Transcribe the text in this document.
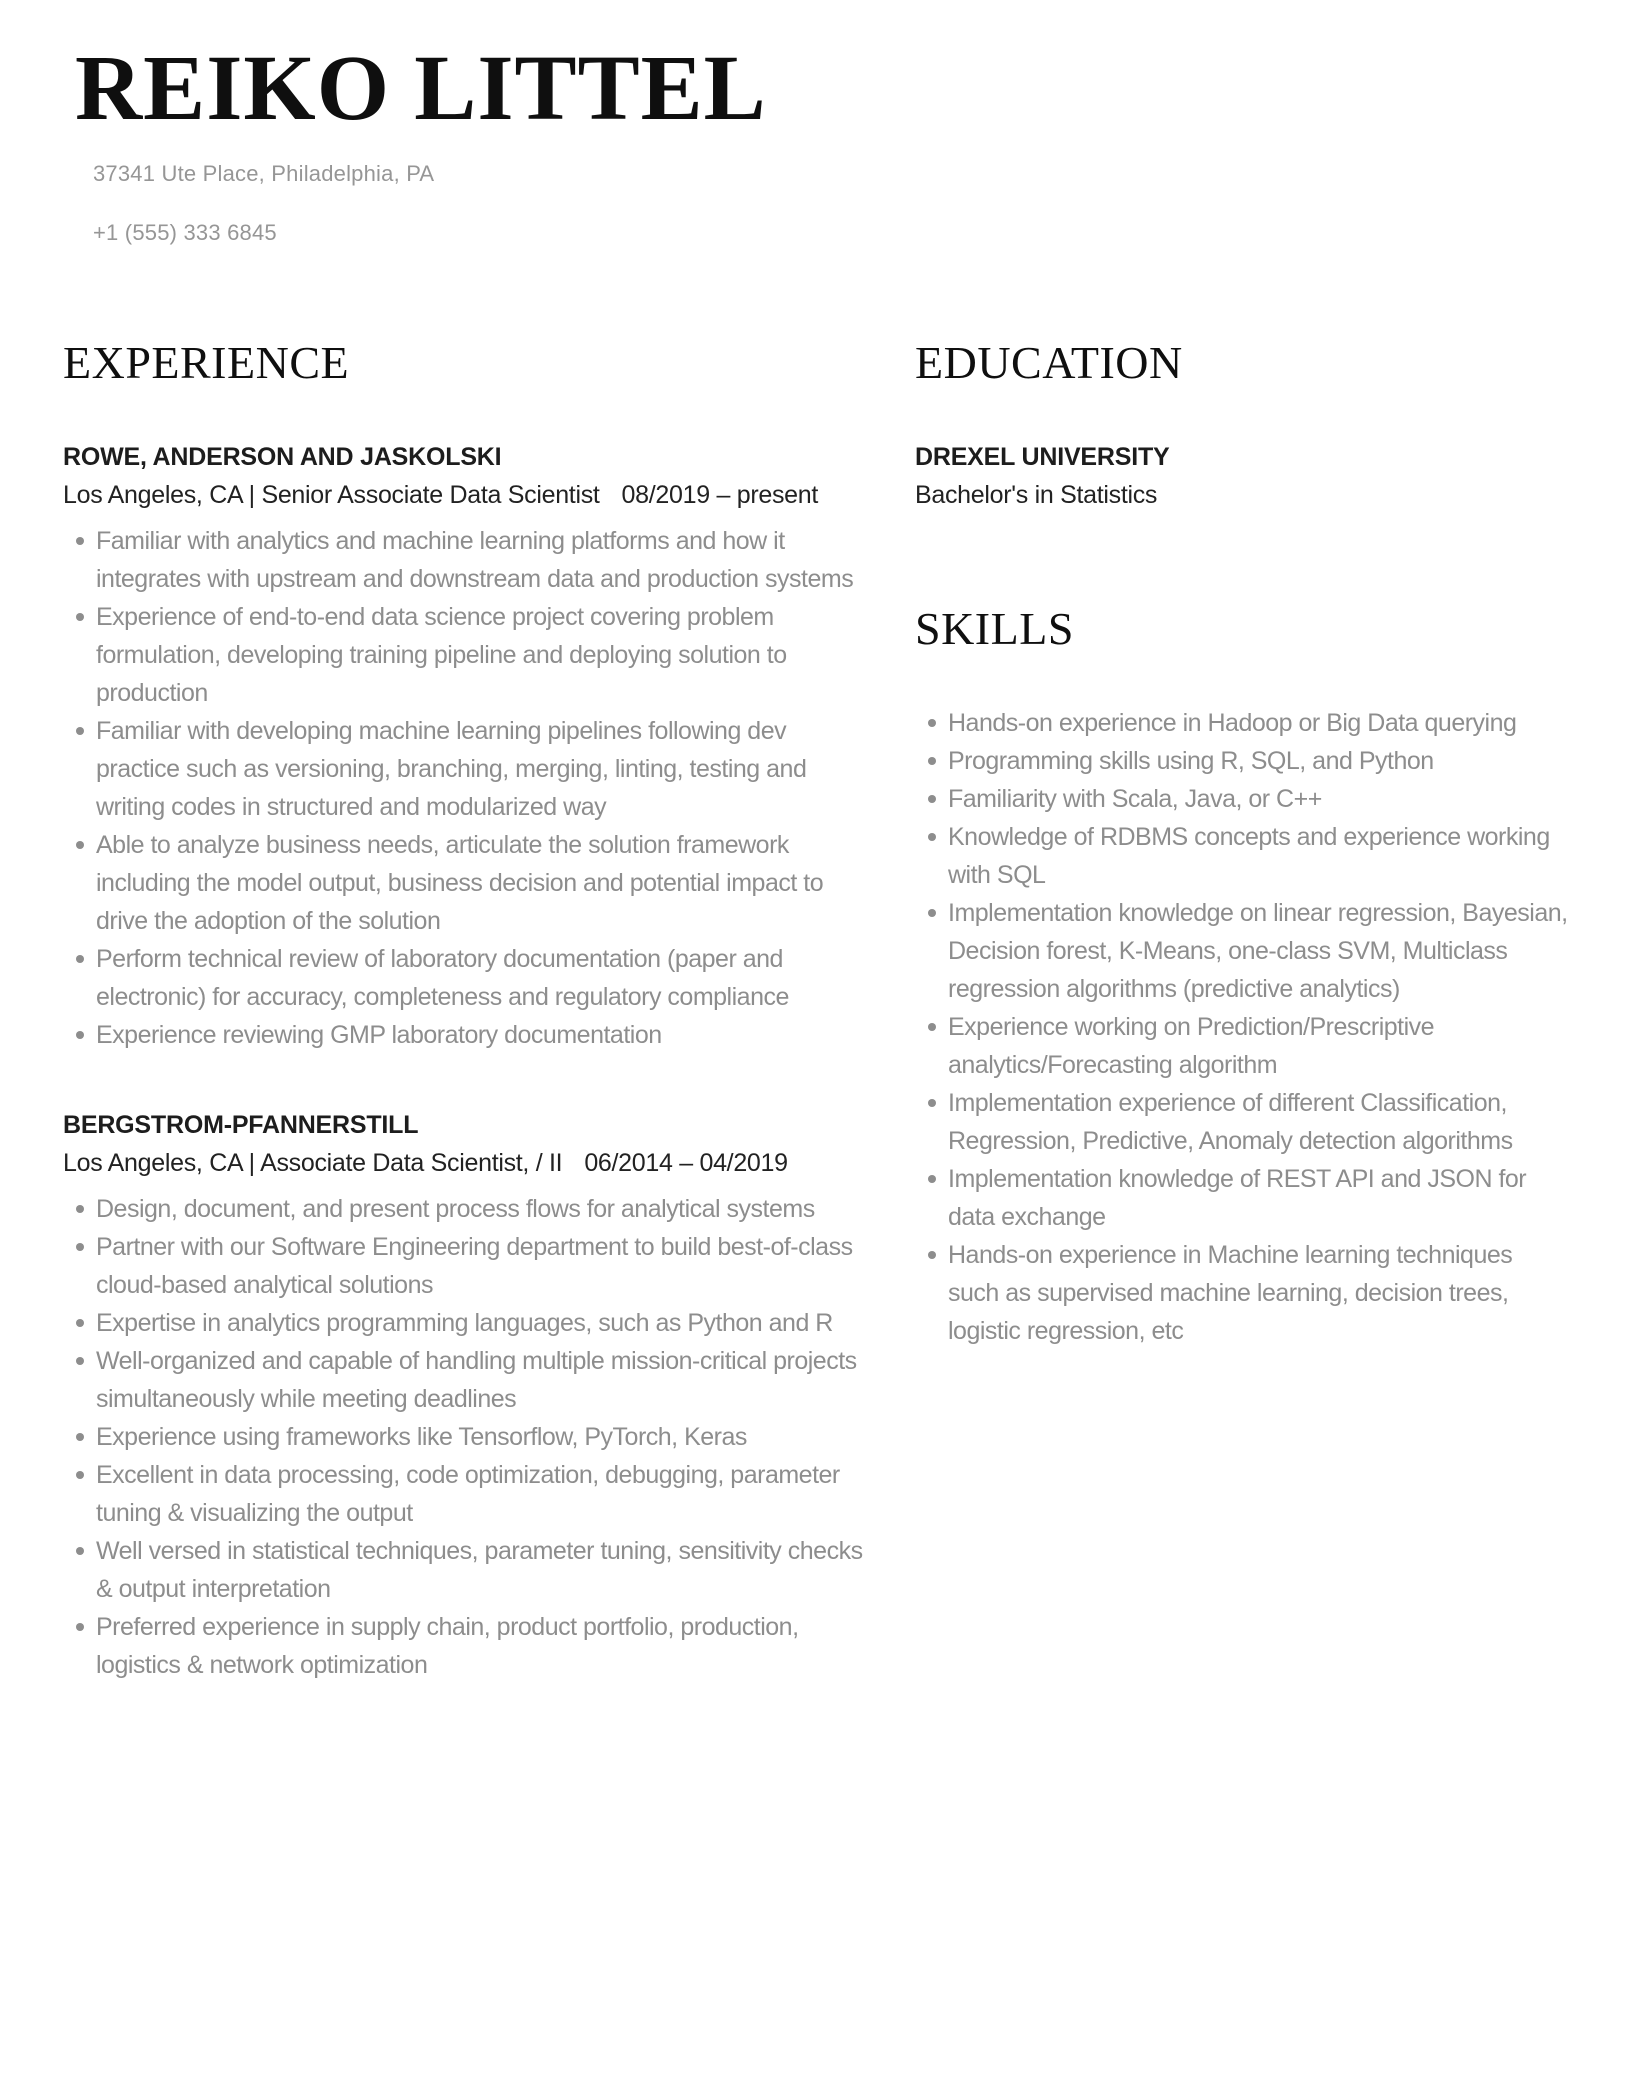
REIKO LITTEL
37341 Ute Place, Philadelphia, PA
+1 (555) 333 6845
EXPERIENCE
ROWE, ANDERSON AND JASKOLSKI
Los Angeles, CA | Senior Associate Data Scientist 08/2019 – present
Familiar with analytics and machine learning platforms and how it integrates with upstream and downstream data and production systems
Experience of end-to-end data science project covering problem formulation, developing training pipeline and deploying solution to production
Familiar with developing machine learning pipelines following dev practice such as versioning, branching, merging, linting, testing and writing codes in structured and modularized way
Able to analyze business needs, articulate the solution framework including the model output, business decision and potential impact to drive the adoption of the solution
Perform technical review of laboratory documentation (paper and electronic) for accuracy, completeness and regulatory compliance
Experience reviewing GMP laboratory documentation
BERGSTROM-PFANNERSTILL
Los Angeles, CA | Associate Data Scientist, / II 06/2014 – 04/2019
Design, document, and present process flows for analytical systems
Partner with our Software Engineering department to build best-of-class cloud-based analytical solutions
Expertise in analytics programming languages, such as Python and R
Well-organized and capable of handling multiple mission-critical projects simultaneously while meeting deadlines
Experience using frameworks like Tensorflow, PyTorch, Keras
Excellent in data processing, code optimization, debugging, parameter tuning & visualizing the output
Well versed in statistical techniques, parameter tuning, sensitivity checks & output interpretation
Preferred experience in supply chain, product portfolio, production, logistics & network optimization
EDUCATION
DREXEL UNIVERSITY
Bachelor's in Statistics
SKILLS
Hands-on experience in Hadoop or Big Data querying
Programming skills using R, SQL, and Python
Familiarity with Scala, Java, or C++
Knowledge of RDBMS concepts and experience working with SQL
Implementation knowledge on linear regression, Bayesian, Decision forest, K-Means, one-class SVM, Multiclass regression algorithms (predictive analytics)
Experience working on Prediction/Prescriptive analytics/Forecasting algorithm
Implementation experience of different Classification, Regression, Predictive, Anomaly detection algorithms
Implementation knowledge of REST API and JSON for data exchange
Hands-on experience in Machine learning techniques such as supervised machine learning, decision trees, logistic regression, etc
